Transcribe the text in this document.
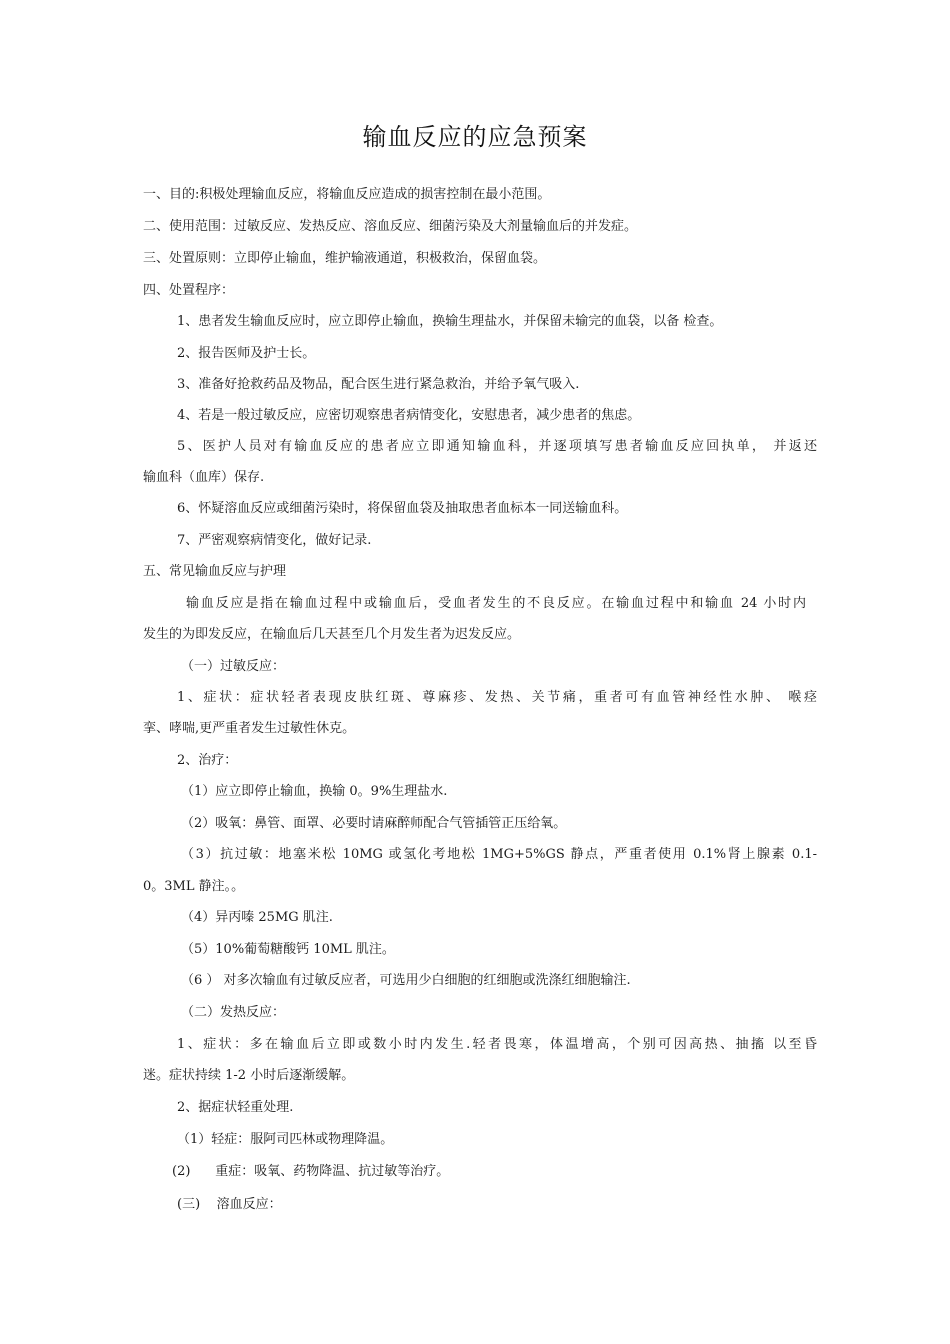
输血反应的应急预案
一、目的:积极处理输血反应，将输血反应造成的损害控制在最小范围。
二、使用范围：过敏反应、发热反应、溶血反应、细菌污染及大剂量输血后的并发症。
三、处置原则：立即停止输血，维护输液通道，积极救治，保留血袋。
四、处置程序：
1、患者发生输血反应时，应立即停止输血，换输生理盐水，并保留未输完的血袋，以备 检查。
2、报告医师及护士长。
3、准备好抢救药品及物品，配合医生进行紧急救治，并给予氧气吸入.
4、若是一般过敏反应，应密切观察患者病情变化，安慰患者，减少患者的焦虑。
5、医护人员对有输血反应的患者应立即通知输血科，并逐项填写患者输血反应回执单， 并返还
输血科（血库）保存.
6、怀疑溶血反应或细菌污染时，将保留血袋及抽取患者血标本一同送输血科。
7、严密观察病情变化，做好记录.
五、常见输血反应与护理
输血反应是指在输血过程中或输血后，受血者发生的不良反应。在输血过程中和输血 24 小时内
发生的为即发反应，在输血后几天甚至几个月发生者为迟发反应。
（一）过敏反应：
1、症状：症状轻者表现皮肤红斑、尊麻疹、发热、关节痛，重者可有血管神经性水肿、 喉痉
挛、哮喘,更严重者发生过敏性休克。
2、治疗：
（1）应立即停止输血，换输 0。9%生理盐水.
（2）吸氧：鼻管、面罩、必要时请麻醉师配合气管插管正压给氧。
（3）抗过敏：地塞米松 10MG 或氢化考地松 1MG+5%GS 静点，严重者使用 0.1%肾上腺素 0.1-
0。3ML 静注。。
（4）异丙嗪 25MG 肌注.
（5）10%葡萄糖酸钙 10ML 肌注。
（6 ） 对多次输血有过敏反应者，可选用少白细胞的红细胞或洗涤红细胞输注.
（二）发热反应：
1、症状：多在输血后立即或数小时内发生.轻者畏寒，体温增高，个别可因高热、抽搐 以至昏
迷。症状持续 1-2 小时后逐渐缓解。
2、据症状轻重处理.
（1）轻症：服阿司匹林或物理降温。
(2)      重症：吸氧、药物降温、抗过敏等治疗。
(三)    溶血反应：
